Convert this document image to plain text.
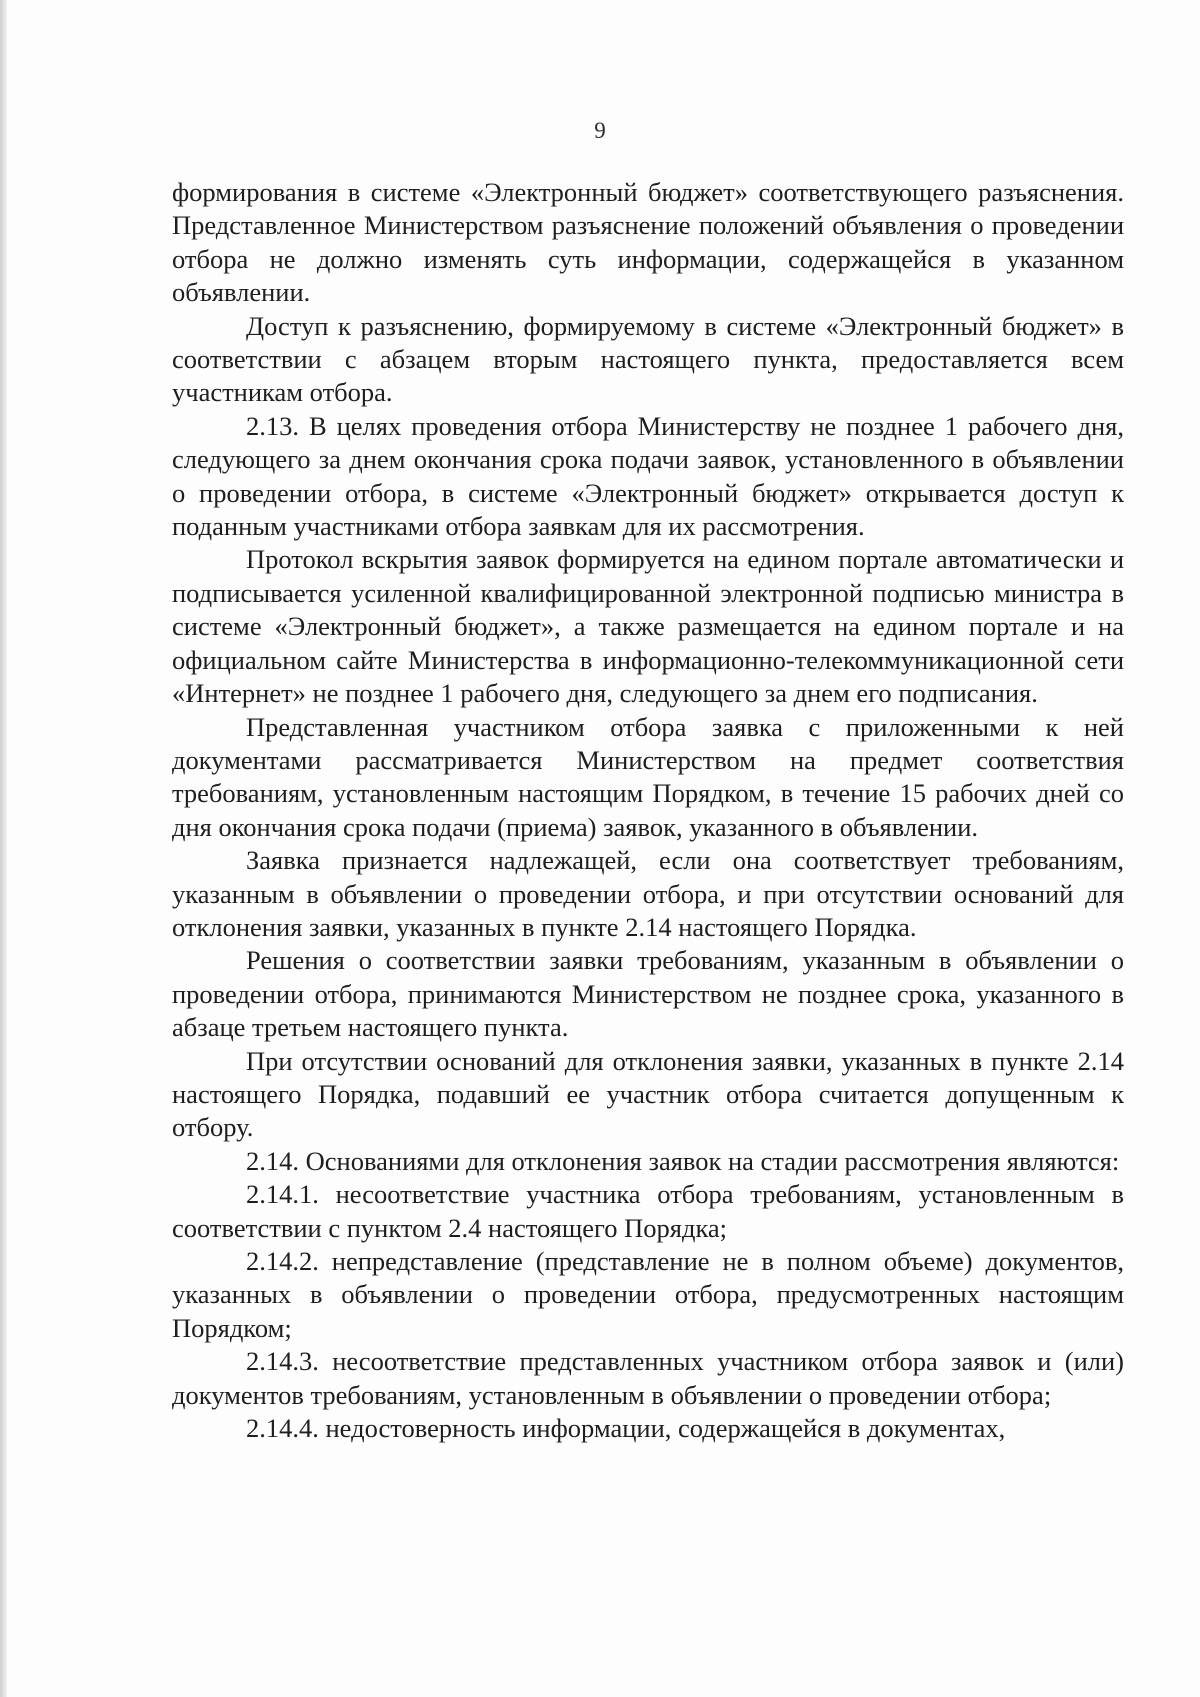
9

формирования в системе «Электронный бюджет» соответствующего разъяснения. Представленное Министерством разъяснение положений объявления о проведении отбора не должно изменять суть информации, содержащейся в указанном объявлении.

Доступ к разъяснению, формируемому в системе «Электронный бюджет» в соответствии с абзацем вторым настоящего пункта, предоставляется всем участникам отбора.

2.13. В целях проведения отбора Министерству не позднее 1 рабочего дня, следующего за днем окончания срока подачи заявок, установленного в объявлении о проведении отбора, в системе «Электронный бюджет» открывается доступ к поданным участниками отбора заявкам для их рассмотрения.

Протокол вскрытия заявок формируется на едином портале автоматически и подписывается усиленной квалифицированной электронной подписью министра в системе «Электронный бюджет», а также размещается на едином портале и на официальном сайте Министерства в информационно-телекоммуникационной сети «Интернет» не позднее 1 рабочего дня, следующего за днем его подписания.

Представленная участником отбора заявка с приложенными к ней документами рассматривается Министерством на предмет соответствия требованиям, установленным настоящим Порядком, в течение 15 рабочих дней со дня окончания срока подачи (приема) заявок, указанного в объявлении.

Заявка признается надлежащей, если она соответствует требованиям, указанным в объявлении о проведении отбора, и при отсутствии оснований для отклонения заявки, указанных в пункте 2.14 настоящего Порядка.

Решения о соответствии заявки требованиям, указанным в объявлении о проведении отбора, принимаются Министерством не позднее срока, указанного в абзаце третьем настоящего пункта.

При отсутствии оснований для отклонения заявки, указанных в пункте 2.14 настоящего Порядка, подавший ее участник отбора считается допущенным к отбору.

2.14. Основаниями для отклонения заявок на стадии рассмотрения являются:

2.14.1. несоответствие участника отбора требованиям, установленным в соответствии с пунктом 2.4 настоящего Порядка;

2.14.2. непредставление (представление не в полном объеме) документов, указанных в объявлении о проведении отбора, предусмотренных настоящим Порядком;

2.14.3. несоответствие представленных участником отбора заявок и (или) документов требованиям, установленным в объявлении о проведении отбора;

2.14.4. недостоверность информации, содержащейся в документах,
